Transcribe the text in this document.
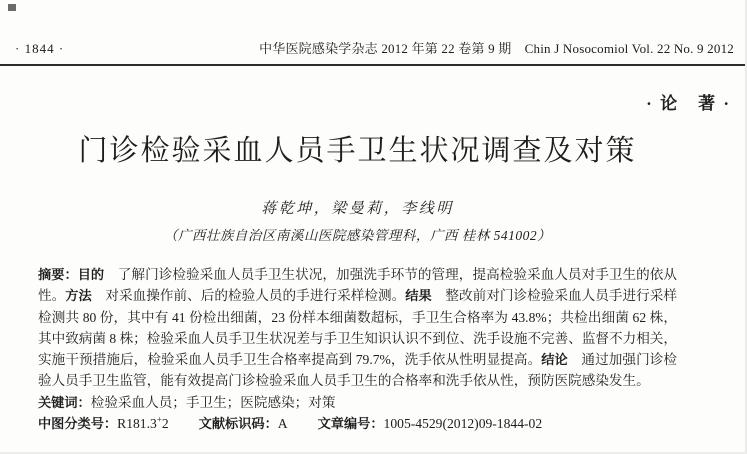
· 1844 ·	中华医院感染学杂志 2012 年第 22 卷第 9 期　Chin J Nosocomiol Vol. 22 No. 9 2012
· 论　著 ·
门诊检验采血人员手卫生状况调查及对策
蒋乾坤，梁曼莉，李线明
（广西壮族自治区南溪山医院感染管理科，广西 桂林 541002）

摘要：目的　了解门诊检验采血人员手卫生状况，加强洗手环节的管理，提高检验采血人员对手卫生的依从性。方法　对采血操作前、后的检验人员的手进行采样检测。结果　整改前对门诊检验采血人员手进行采样检测共 80 份，其中有 41 份检出细菌，23 份样本细菌数超标，手卫生合格率为 43.8%；共检出细菌 62 株，其中致病菌 8 株；检验采血人员手卫生状况差与手卫生知识认识不到位、洗手设施不完善、监督不力相关，实施干预措施后，检验采血人员手卫生合格率提高到 79.7%，洗手依从性明显提高。结论　通过加强门诊检验人员手卫生监管，能有效提高门诊检验采血人员手卫生的合格率和洗手依从性，预防医院感染发生。

关键词：检验采血人员；手卫生；医院感染；对策

中图分类号：R181.3+2 文献标识码：A 文章编号：1005-4529(2012)09-1844-02
